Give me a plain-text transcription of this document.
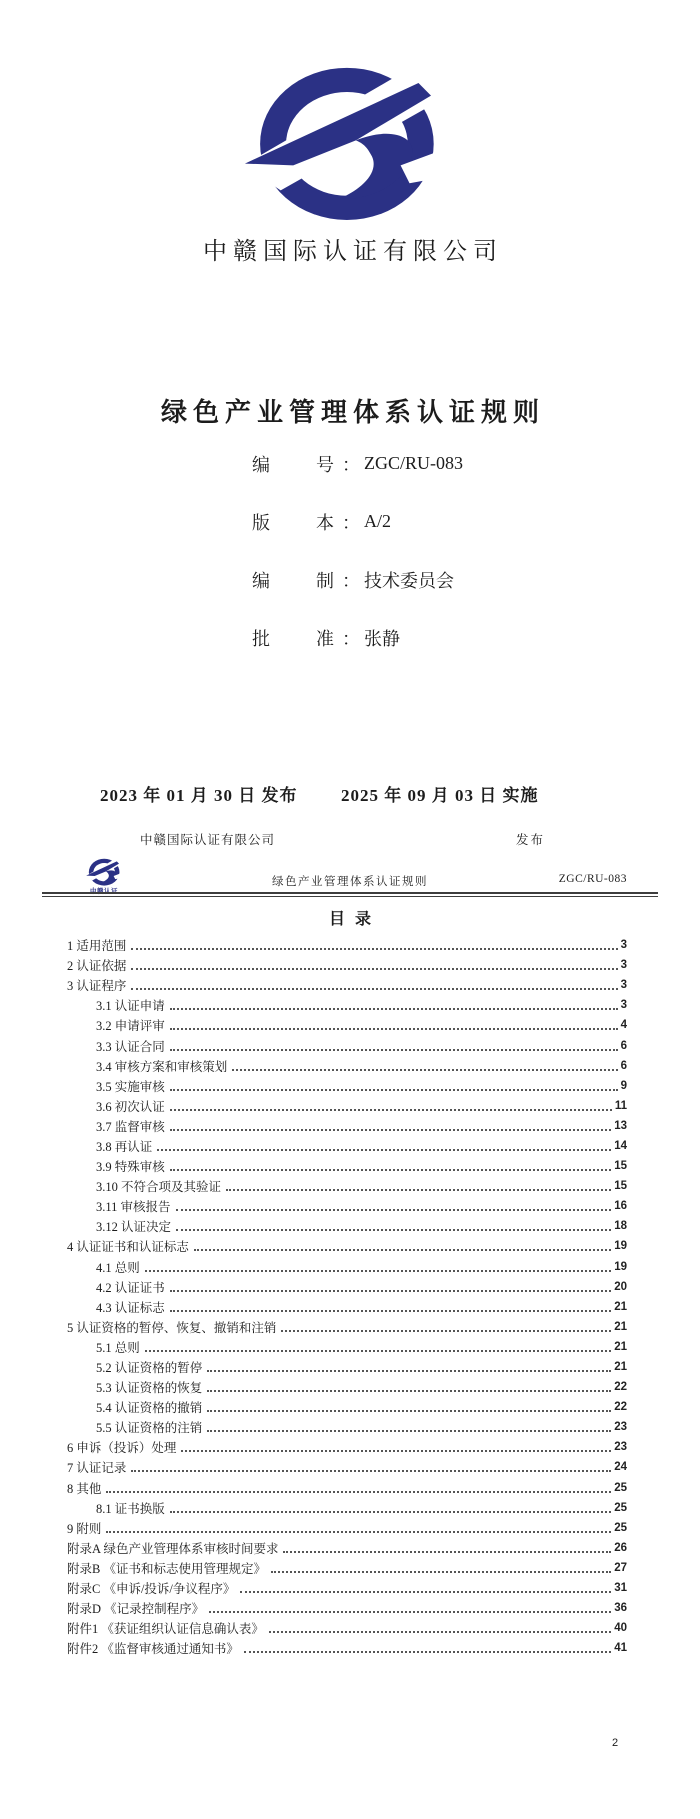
中赣国际认证有限公司
绿色产业管理体系认证规则
编号 ： ZGC/RU-083
版本 ： A/2
编制 ： 技术委员会
批准 ： 张静
2023 年 01 月 30 日 发布	2025 年 09 月 03 日 实施
中赣国际认证有限公司	发布
中赣认证
绿色产业管理体系认证规则	ZGC/RU-083
目录
1 适用范围	3
2 认证依据	3
3 认证程序	3
3.1 认证申请	3
3.2 申请评审	4
3.3 认证合同	6
3.4 审核方案和审核策划	6
3.5 实施审核	9
3.6 初次认证	11
3.7 监督审核	13
3.8 再认证	14
3.9 特殊审核	15
3.10 不符合项及其验证	15
3.11 审核报告	16
3.12 认证决定	18
4 认证证书和认证标志	19
4.1 总则	19
4.2 认证证书	20
4.3 认证标志	21
5 认证资格的暂停、恢复、撤销和注销	21
5.1 总则	21
5.2 认证资格的暂停	21
5.3 认证资格的恢复	22
5.4 认证资格的撤销	22
5.5 认证资格的注销	23
6 申诉（投诉）处理	23
7 认证记录	24
8 其他	25
8.1 证书换版	25
9 附则	25
附录A 绿色产业管理体系审核时间要求	26
附录B 《证书和标志使用管理规定》	27
附录C 《申诉/投诉/争议程序》	31
附录D 《记录控制程序》	36
附件1 《获证组织认证信息确认表》	40
附件2 《监督审核通过通知书》	41
2
